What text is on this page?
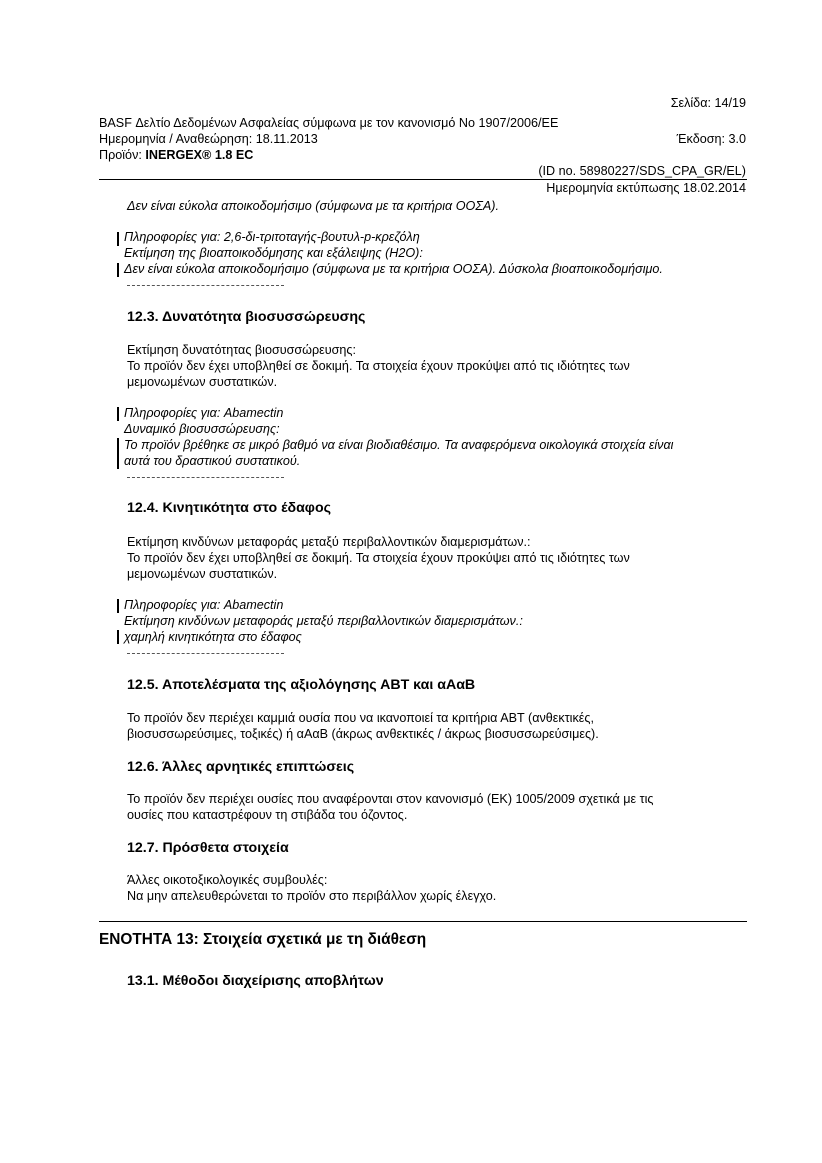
Σελίδα: 14/19
BASF Δελτίο Δεδομένων Ασφαλείας σύμφωνα με τον κανονισμό Νο 1907/2006/ΕΕ
Ημερομηνία / Αναθεώρηση: 18.11.2013	Έκδοση: 3.0
Προϊόν: INERGEX® 1.8 EC
(ID no. 58980227/SDS_CPA_GR/EL)
Ημερομηνία εκτύπωσης 18.02.2014
Δεν είναι εύκολα αποικοδομήσιμο (σύμφωνα με τα κριτήρια ΟΟΣΑ).
Πληροφορίες για: 2,6-δι-τριτοταγής-βουτυλ-p-κρεζόλη
Εκτίμηση της βιοαποικοδόμησης και εξάλειψης (H2O):
Δεν είναι εύκολα αποικοδομήσιμο (σύμφωνα με τα κριτήρια ΟΟΣΑ). Δύσκολα βιοαποικοδομήσιμο.
12.3. Δυνατότητα βιοσυσσώρευσης
Εκτίμηση δυνατότητας βιοσυσσώρευσης:
Το προϊόν δεν έχει υποβληθεί σε δοκιμή. Τα στοιχεία έχουν προκύψει από τις ιδιότητες των
μεμονωμένων συστατικών.
Πληροφορίες για: Abamectin
Δυναμικό βιοσυσσώρευσης:
Το προϊόν βρέθηκε σε μικρό βαθμό να είναι βιοδιαθέσιμο. Τα αναφερόμενα οικολογικά στοιχεία είναι
αυτά του δραστικού συστατικού.
12.4. Κινητικότητα στο έδαφος
Εκτίμηση κινδύνων μεταφοράς μεταξύ περιβαλλοντικών διαμερισμάτων.:
Το προϊόν δεν έχει υποβληθεί σε δοκιμή. Τα στοιχεία έχουν προκύψει από τις ιδιότητες των
μεμονωμένων συστατικών.
Πληροφορίες για: Abamectin
Εκτίμηση κινδύνων μεταφοράς μεταξύ περιβαλλοντικών διαμερισμάτων.:
χαμηλή κινητικότητα στο έδαφος
12.5. Αποτελέσματα της αξιολόγησης ΑΒΤ και αΑαΒ
Το προϊόν δεν περιέχει καμμιά ουσία που να ικανοποιεί τα κριτήρια ΑΒΤ (ανθεκτικές,
βιοσυσσωρεύσιμες, τοξικές) ή αΑαΒ (άκρως ανθεκτικές / άκρως βιοσυσσωρεύσιμες).
12.6. Άλλες αρνητικές επιπτώσεις
Το προϊόν δεν περιέχει ουσίες που αναφέρονται στον κανονισμό (ΕΚ) 1005/2009 σχετικά με τις
ουσίες που καταστρέφουν τη στιβάδα του όζοντος.
12.7. Πρόσθετα στοιχεία
Άλλες οικοτοξικολογικές συμβουλές:
Να μην απελευθερώνεται το προϊόν στο περιβάλλον χωρίς έλεγχο.
ΕΝΟΤΗΤΑ 13: Στοιχεία σχετικά με τη διάθεση
13.1. Μέθοδοι διαχείρισης αποβλήτων
